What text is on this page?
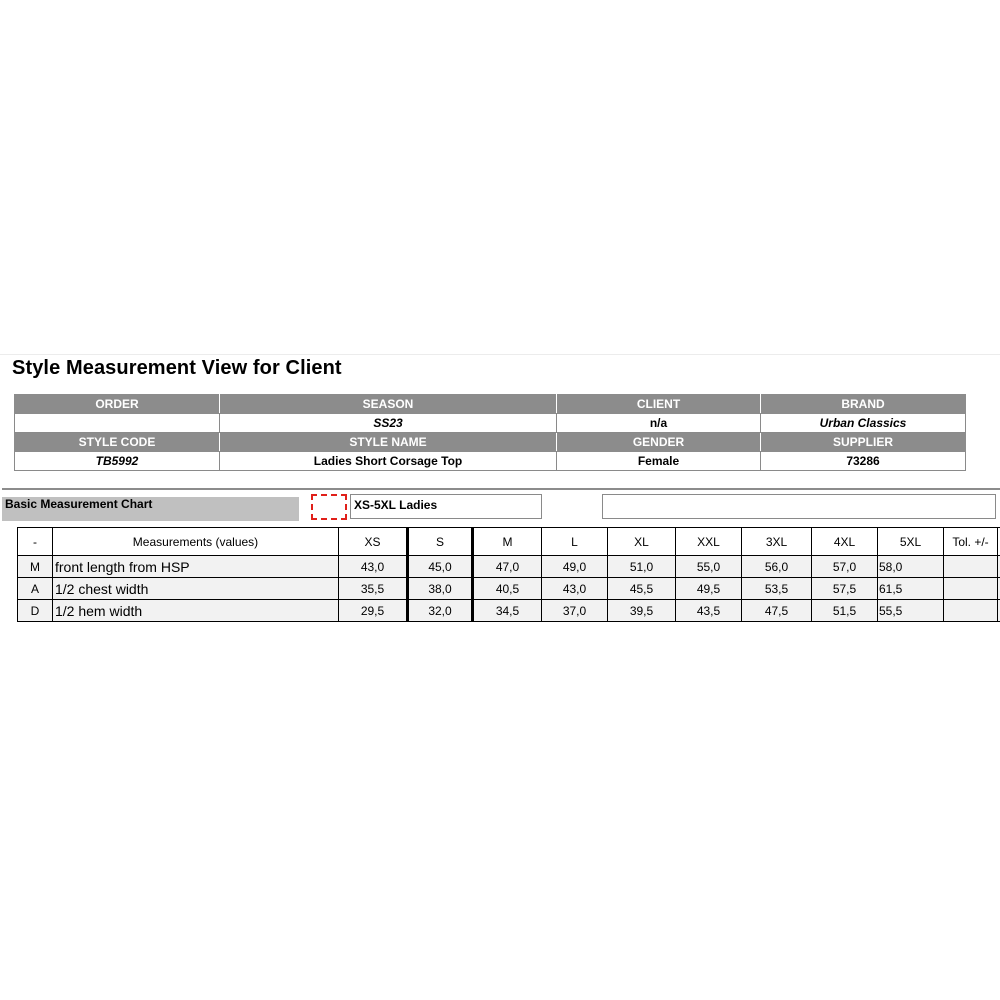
Style Measurement View for Client
ORDER	SEASON	CLIENT	BRAND
	SS23	n/a	Urban Classics
STYLE CODE	STYLE NAME	GENDER	SUPPLIER
TB5992	Ladies Short Corsage Top	Female	73286
Basic Measurement Chart	XS-5XL Ladies
-	Measurements (values)	XS	S	M	L	XL	XXL	3XL	4XL	5XL	Tol. +/-	
M	front length from HSP	43,0	45,0	47,0	49,0	51,0	55,0	56,0	57,0	58,0		
A	1/2 chest width	35,5	38,0	40,5	43,0	45,5	49,5	53,5	57,5	61,5		
D	1/2 hem width	29,5	32,0	34,5	37,0	39,5	43,5	47,5	51,5	55,5		
